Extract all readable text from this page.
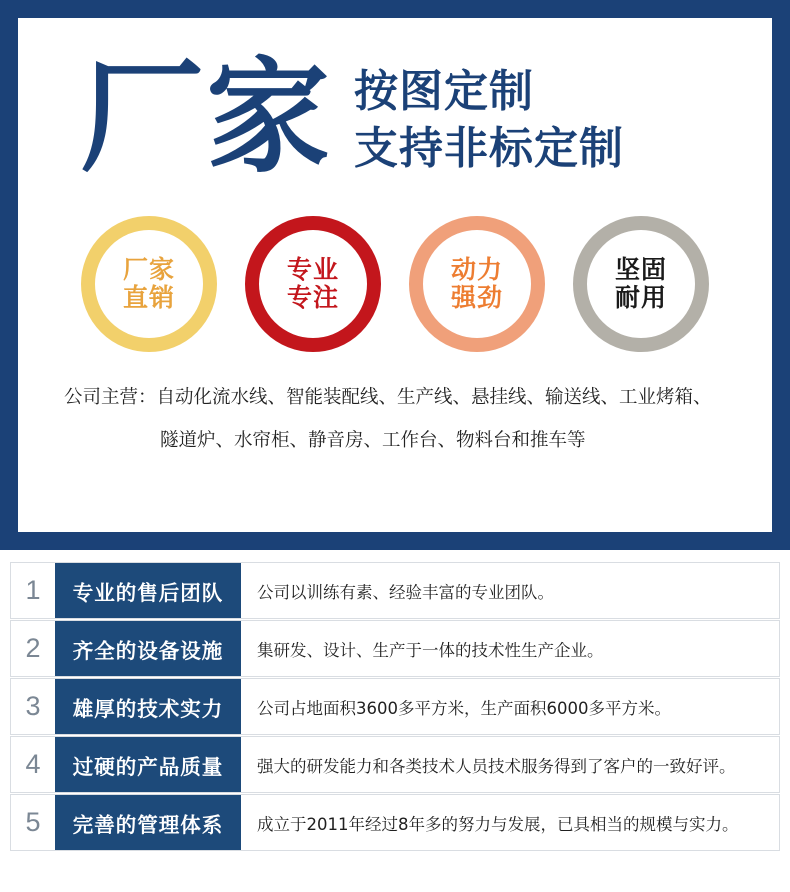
厂家 按图定制
支持非标定制
厂家
直销
专业
专注
动力
强劲
坚固
耐用
公司主营：自动化流水线、智能装配线、生产线、悬挂线、输送线、工业烤箱、
隧道炉、水帘柜、静音房、工作台、物料台和推车等
1	专业的售后团队	公司以训练有素、经验丰富的专业团队。
2	齐全的设备设施	集研发、设计、生产于一体的技术性生产企业。
3	雄厚的技术实力	公司占地面积3600多平方米，生产面积6000多平方米。
4	过硬的产品质量	强大的研发能力和各类技术人员技术服务得到了客户的一致好评。
5	完善的管理体系	成立于2011年经过8年多的努力与发展，已具相当的规模与实力。
